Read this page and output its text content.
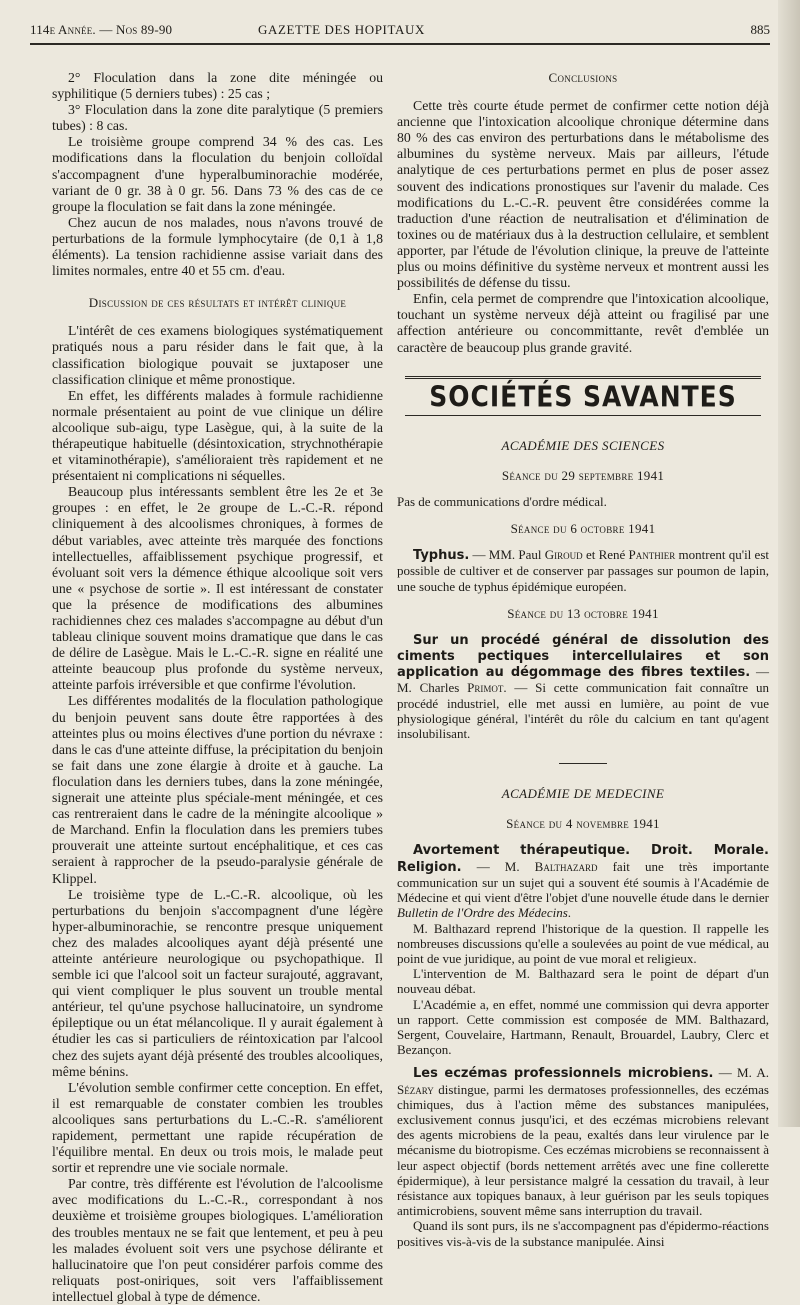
114e Année. — Nos 89-90	GAZETTE DES HOPITAUX	885

2° Floculation dans la zone dite méningée ou syphilitique (5 derniers tubes) : 25 cas ;

3° Floculation dans la zone dite paralytique (5 premiers tubes) : 8 cas.

Le troisième groupe comprend 34 % des cas. Les modifications dans la floculation du benjoin colloïdal s'accompagnent d'une hyperalbuminorachie modérée, variant de 0 gr. 38 à 0 gr. 56. Dans 73 % des cas de ce groupe la floculation se fait dans la zone méningée.

Chez aucun de nos malades, nous n'avons trouvé de perturbations de la formule lymphocytaire (de 0,1 à 1,8 éléments). La tension rachidienne assise variait dans des limites normales, entre 40 et 55 cm. d'eau.

Discussion de ces résultats et intérêt clinique

L'intérêt de ces examens biologiques systématiquement pratiqués nous a paru résider dans le fait que, à la classification biologique pouvait se juxtaposer une classification clinique et même pronostique.

En effet, les différents malades à formule rachidienne normale présentaient au point de vue clinique un délire alcoolique sub-aigu, type Lasègue, qui, à la suite de la thérapeutique habituelle (désintoxication, strychnothérapie et vitaminothérapie), s'amélioraient très rapidement et ne présentaient ni complications ni séquelles.

Beaucoup plus intéressants semblent être les 2e et 3e groupes : en effet, le 2e groupe de L.-C.-R. répond cliniquement à des alcoolismes chroniques, à formes de début variables, avec atteinte très marquée des fonctions intellectuelles, affaiblissement psychique progressif, et évoluant soit vers la démence éthique alcoolique soit vers une « psychose de sortie ». Il est intéressant de constater que la présence de modifications des albumines rachidiennes chez ces malades s'accompagne au début d'un tableau clinique souvent moins dramatique que dans le cas de délire de Lasègue. Mais le L.-C.-R. signe en réalité une atteinte beaucoup plus profonde du système nerveux, atteinte parfois irréversible et que confirme l'évolution.

Les différentes modalités de la floculation pathologique du benjoin peuvent sans doute être rapportées à des atteintes plus ou moins électives d'une portion du névraxe : dans le cas d'une atteinte diffuse, la précipitation du benjoin se fait dans une zone élargie à droite et à gauche. La floculation dans les derniers tubes, dans la zone méningée, signerait une atteinte plus spéciale-ment méningée, et ces cas rentreraient dans le cadre de la méningite alcoolique » de Marchand. Enfin la floculation dans les premiers tubes prouverait une atteinte surtout encéphalitique, et ces cas seraient à rapprocher de la pseudo-paralysie générale de Klippel.

Le troisième type de L.-C.-R. alcoolique, où les perturbations du benjoin s'accompagnent d'une légère hyper-albuminorachie, se rencontre presque uniquement chez des malades alcooliques ayant déjà présenté une atteinte antérieure neurologique ou psychopathique. Il semble ici que l'alcool soit un facteur surajouté, aggravant, qui vient compliquer le plus souvent un trouble mental antérieur, tel qu'une psychose hallucinatoire, un syndrome épileptique ou un état mélancolique. Il y aurait également à étudier les cas si particuliers de réintoxication par l'alcool chez des sujets ayant déjà présenté des troubles alcooliques, même bénins.

L'évolution semble confirmer cette conception. En effet, il est remarquable de constater combien les troubles alcooliques sans perturbations du L.-C.-R. s'améliorent rapidement, permettant une rapide récupération de l'équilibre mental. En deux ou trois mois, le malade peut sortir et reprendre une vie sociale normale.

Par contre, très différente est l'évolution de l'alcoolisme avec modifications du L.-C.-R., correspondant à nos deuxième et troisième groupes biologiques. L'amélioration des troubles mentaux ne se fait que lentement, et peu à peu les malades évoluent soit vers une psychose délirante et hallucinatoire que l'on peut considérer parfois comme des reliquats post-oniriques, soit vers l'affaiblissement intellectuel global à type de démence.

Conclusions

Cette très courte étude permet de confirmer cette notion déjà ancienne que l'intoxication alcoolique chronique détermine dans 80 % des cas environ des perturbations dans le métabolisme des albumines du système nerveux. Mais par ailleurs, l'étude analytique de ces perturbations permet en plus de poser assez souvent des indications pronostiques sur l'avenir du malade. Ces modifications du L.-C.-R. peuvent être considérées comme la traduction d'une réaction de neutralisation et d'élimination de toxines ou de matériaux dus à la destruction cellulaire, et semblent apporter, par l'étude de l'évolution clinique, la preuve de l'atteinte plus ou moins définitive du système nerveux et montrent aussi les possibilités de défense du tissu.

Enfin, cela permet de comprendre que l'intoxication alcoolique, touchant un système nerveux déjà atteint ou fragilisé par une affection antérieure ou concommittante, revêt d'emblée un caractère de beaucoup plus grande gravité.

SOCIÉTÉS SAVANTES
ACADÉMIE DES SCIENCES
Séance du 29 septembre 1941

Pas de communications d'ordre médical.

Séance du 6 octobre 1941

Typhus. — MM. Paul Giroud et René Panthier montrent qu'il est possible de cultiver et de conserver par passages sur poumon de lapin, une souche de typhus épidémique européen.

Séance du 13 octobre 1941

Sur un procédé général de dissolution des ciments pectiques intercellulaires et son application au dégommage des fibres textiles. — M. Charles Primot. — Si cette communication fait connaître un procédé industriel, elle met aussi en lumière, au point de vue physiologique général, l'intérêt du rôle du calcium en tant qu'agent insolubilisant.

ACADÉMIE DE MEDECINE
Séance du 4 novembre 1941

Avortement thérapeutique. Droit. Morale. Religion. — M. Balthazard fait une très importante communication sur un sujet qui a souvent été soumis à l'Académie de Médecine et qui vient d'être l'objet d'une nouvelle étude dans le dernier Bulletin de l'Ordre des Médecins.

M. Balthazard reprend l'historique de la question. Il rappelle les nombreuses discussions qu'elle a soulevées au point de vue médical, au point de vue juridique, au point de vue moral et religieux.

L'intervention de M. Balthazard sera le point de départ d'un nouveau débat.

L'Académie a, en effet, nommé une commission qui devra apporter un rapport. Cette commission est composée de MM. Balthazard, Sergent, Couvelaire, Hartmann, Renault, Brouardel, Laubry, Clerc et Bezançon.

Les eczémas professionnels microbiens. — M. A. Sézary distingue, parmi les dermatoses professionnelles, des eczémas chimiques, dus à l'action même des substances manipulées, exclusivement connus jusqu'ici, et des eczémas microbiens relevant des agents microbiens de la peau, exaltés dans leur virulence par le mécanisme du biotropisme. Ces eczémas microbiens se reconnaissent à leur aspect objectif (bords nettement arrêtés avec une fine collerette épidermique), à leur persistance malgré la cessation du travail, à leur résistance aux topiques banaux, à leur guérison par les seuls topiques antimicrobiens, souvent même sans interruption du travail.

Quand ils sont purs, ils ne s'accompagnent pas d'épidermo-réactions positives vis-à-vis de la substance manipulée. Ainsi
